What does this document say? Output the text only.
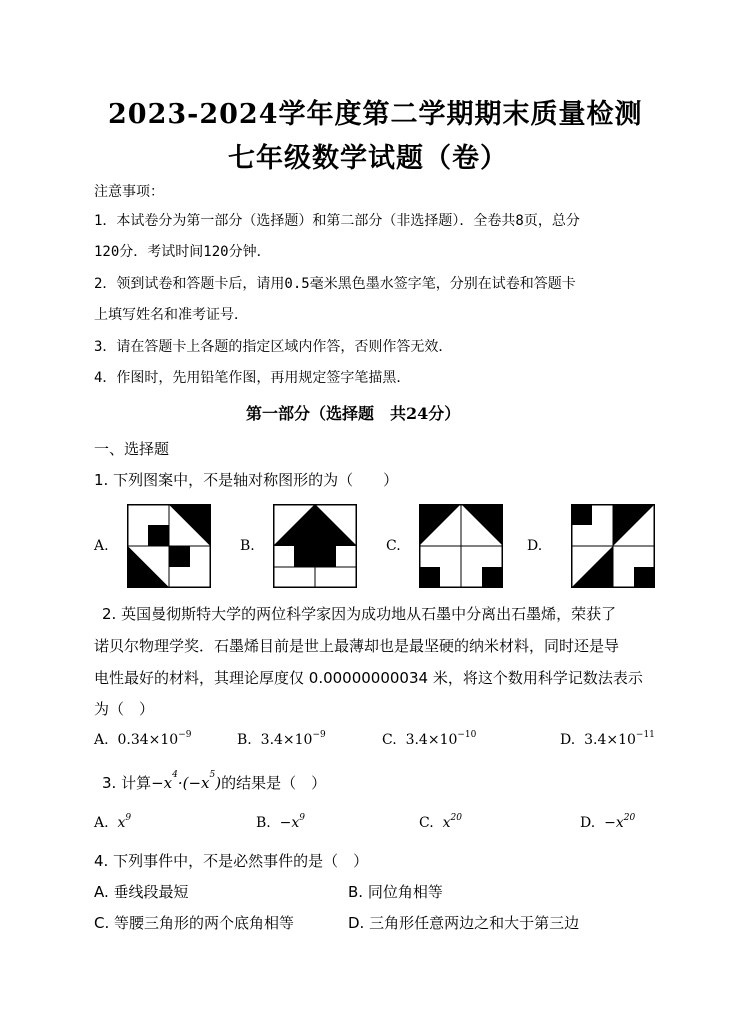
2023-2024学年度第二学期期末质量检测
七年级数学试题（卷）
注意事项：
1．本试卷分为第一部分（选择题）和第二部分（非选择题）．全卷共8页，总分
120分．考试时间120分钟．
2．领到试卷和答题卡后，请用0.5毫米黑色墨水签字笔，分别在试卷和答题卡
上填写姓名和准考证号．
3．请在答题卡上各题的指定区域内作答，否则作答无效．
4．作图时，先用铅笔作图，再用规定签字笔描黑．
第一部分（选择题　共24分）
一、选择题
1. 下列图案中，不是轴对称图形的为（　　）
A.	B.	C.	D.
2. 英国曼彻斯特大学的两位科学家因为成功地从石墨中分离出石墨烯，荣获了
诺贝尔物理学奖．石墨烯目前是世上最薄却也是最坚硬的纳米材料，同时还是导
电性最好的材料，其理论厚度仅 0.00000000034 米，将这个数用科学记数法表示
为（　）
A. $0.34\times 10^{-9}$	B. $3.4\times 10^{-9}$	C. $3.4\times 10^{-10}$	D. $3.4\times 10^{-11}$
3. 计算$-x^4\cdot(-x^5)$的结果是（　）
A. $x^9$	B. $-x^9$	C. $x^{20}$	D. $-x^{20}$
4. 下列事件中，不是必然事件的是（　）
A. 垂线段最短	B. 同位角相等
C. 等腰三角形的两个底角相等	D. 三角形任意两边之和大于第三边
